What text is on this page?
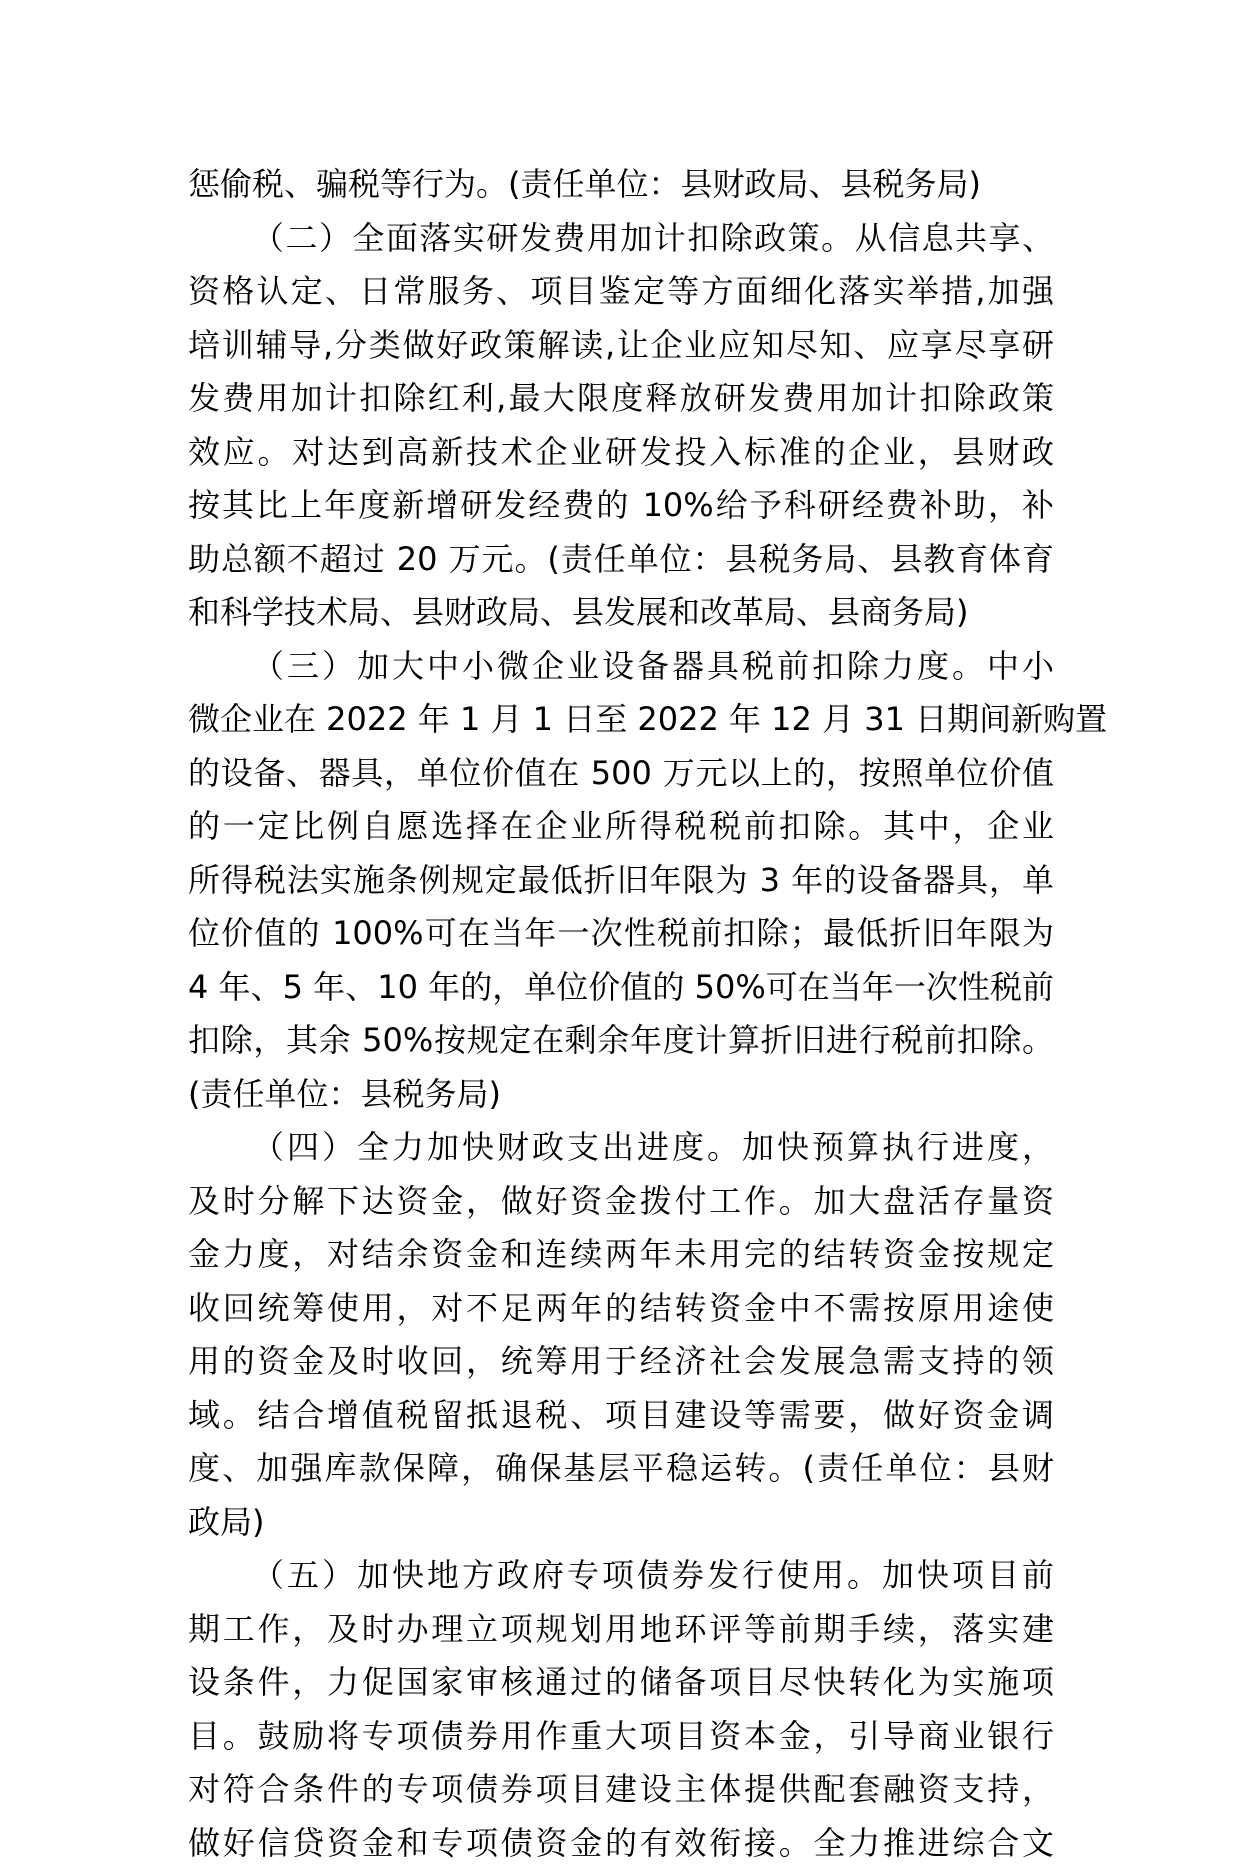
惩偷税、骗税等行为。(责任单位：县财政局、县税务局)
（二）全面落实研发费用加计扣除政策。从信息共享、
资格认定、日常服务、项目鉴定等方面细化落实举措,加强
培训辅导,分类做好政策解读,让企业应知尽知、应享尽享研
发费用加计扣除红利,最大限度释放研发费用加计扣除政策
效应。对达到高新技术企业研发投入标准的企业，县财政
按其比上年度新增研发经费的 10%给予科研经费补助，补
助总额不超过 20 万元。(责任单位：县税务局、县教育体育
和科学技术局、县财政局、县发展和改革局、县商务局)
（三）加大中小微企业设备器具税前扣除力度。中小
微企业在 2022 年 1 月 1 日至 2022 年 12 月 31 日期间新购置
的设备、器具，单位价值在 500 万元以上的，按照单位价值
的一定比例自愿选择在企业所得税税前扣除。其中，企业
所得税法实施条例规定最低折旧年限为 3 年的设备器具，单
位价值的 100%可在当年一次性税前扣除；最低折旧年限为
4 年、5 年、10 年的，单位价值的 50%可在当年一次性税前
扣除，其余 50%按规定在剩余年度计算折旧进行税前扣除。
(责任单位：县税务局)
（四）全力加快财政支出进度。加快预算执行进度，
及时分解下达资金，做好资金拨付工作。加大盘活存量资
金力度，对结余资金和连续两年未用完的结转资金按规定
收回统筹使用，对不足两年的结转资金中不需按原用途使
用的资金及时收回，统筹用于经济社会发展急需支持的领
域。结合增值税留抵退税、项目建设等需要，做好资金调
度、加强库款保障，确保基层平稳运转。(责任单位：县财
政局)
（五）加快地方政府专项债券发行使用。加快项目前
期工作，及时办理立项规划用地环评等前期手续，落实建
设条件，力促国家审核通过的储备项目尽快转化为实施项
目。鼓励将专项债券用作重大项目资本金，引导商业银行
对符合条件的专项债券项目建设主体提供配套融资支持，
做好信贷资金和专项债资金的有效衔接。全力推进综合文
